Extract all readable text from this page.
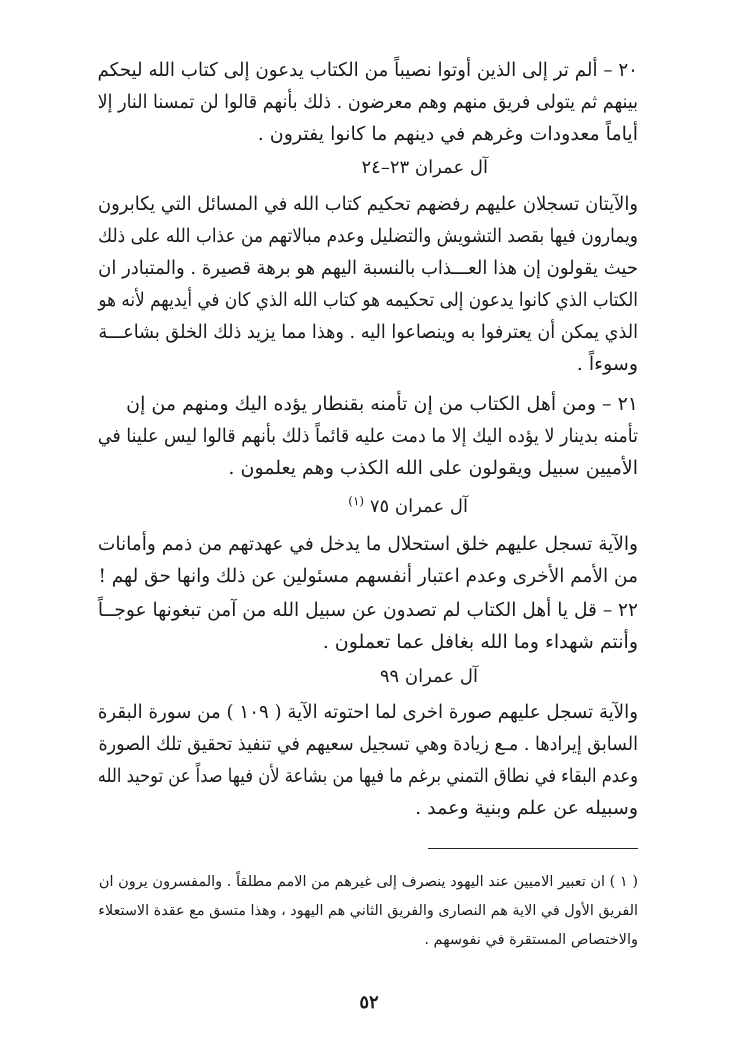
٢٠ – ألم تر إلى الذين أوتوا نصيباً من الكتاب يدعون إلى كتاب الله ليحكم
بينهم ثم يتولى فريق منهم وهم معرضون . ذلك بأنهم قالوا لن تمسنا النار إلا
أياماً معدودات وغرهم في دينهم ما كانوا يفترون .
آل عمران ٢٣–٢٤
والآيتان تسجلان عليهم رفضهم تحكيم كتاب الله في المسائل التي يكابرون
ويمارون فيها بقصد التشويش والتضليل وعدم مبالاتهم من عذاب الله على ذلك
حيث يقولون إن هذا العـــذاب بالنسبة اليهم هو برهة قصيرة . والمتبادر ان
الكتاب الذي كانوا يدعون إلى تحكيمه هو كتاب الله الذي كان في أيديهم لأنه هو
الذي يمكن أن يعترفوا به وينصاعوا اليه . وهذا مما يزيد ذلك الخلق بشاعـــة
وسوءاً .
٢١ – ومن أهل الكتاب من إن تأمنه بقنطار يؤده اليك ومنهم من إن
تأمنه بدينار لا يؤده اليك إلا ما دمت عليه قائماً ذلك بأنهم قالوا ليس علينا في
الأميين سبيل ويقولون على الله الكذب وهم يعلمون .
آل عمران ٧٥ $^{(١)}$
والآية تسجل عليهم خلق استحلال ما يدخل في عهدتهم من ذمم وأمانات
من الأمم الأخرى وعدم اعتبار أنفسهم مسئولين عن ذلك وانها حق لهم !
٢٢ – قل يا أهل الكتاب لم تصدون عن سبيل الله من آمن تبغونها عوجــاً
وأنتم شهداء وما الله بغافل عما تعملون .
آل عمران ٩٩
والآية تسجل عليهم صورة اخرى لما احتوته الآية ( ١٠٩ ) من سورة البقرة
السابق إيرادها . مـع زيادة وهي تسجيل سعيهم في تنفيذ تحقيق تلك الصورة
وعدم البقاء في نطاق التمني برغم ما فيها من بشاعة لأن فيها صداً عن توحيد الله
وسبيله عن علم وبنية وعمد .
( ١ ) ان تعبير الاميين عند اليهود ينصرف إلى غيرهم من الامم مطلقاً . والمفسرون يرون ان
الفريق الأول في الاية هم النصارى والفريق الثاني هم اليهود ، وهذا متسق مع عقدة الاستعلاء
والاختصاص المستقرة في نفوسهم .
٥٢
